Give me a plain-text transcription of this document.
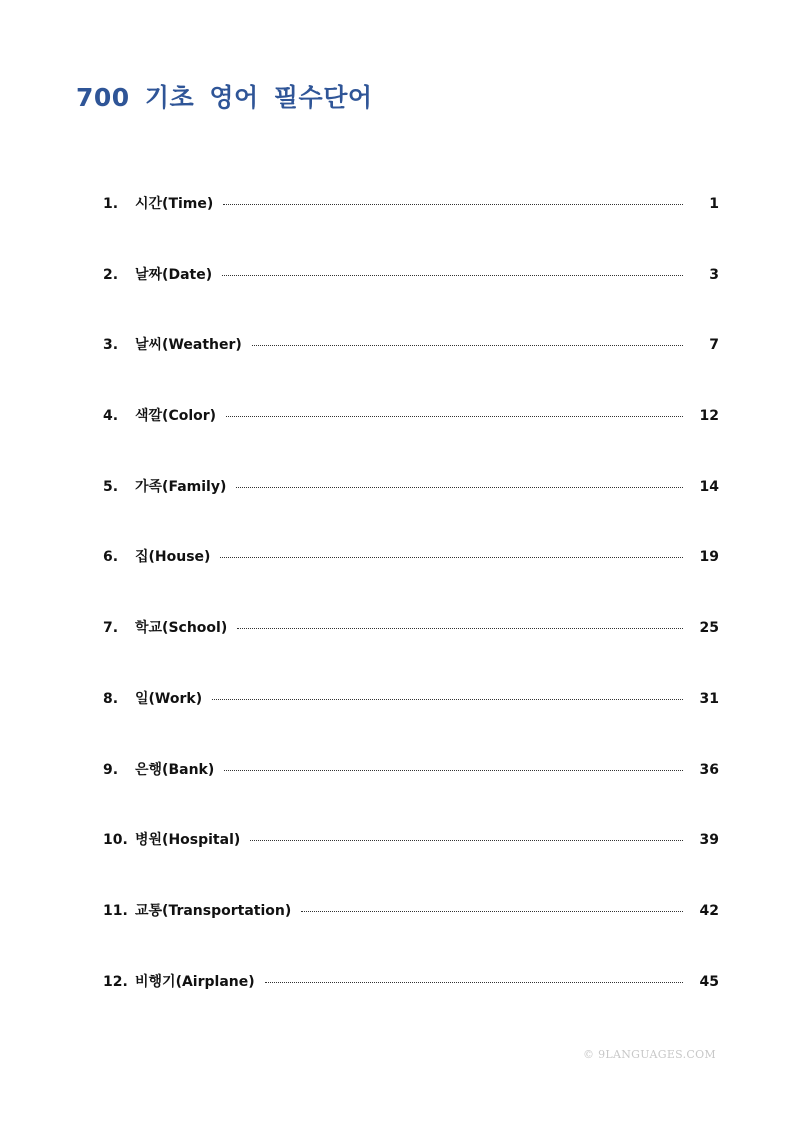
700 기초 영어 필수단어
1.	시간(Time)	1
2.	날짜(Date)	3
3.	날씨(Weather)	7
4.	색깔(Color)	12
5.	가족(Family)	14
6.	집(House)	19
7.	학교(School)	25
8.	일(Work)	31
9.	은행(Bank)	36
10. 병원(Hospital)	39
11. 교통(Transportation)	42
12. 비행기(Airplane)	45
© 9LANGUAGES.COM
